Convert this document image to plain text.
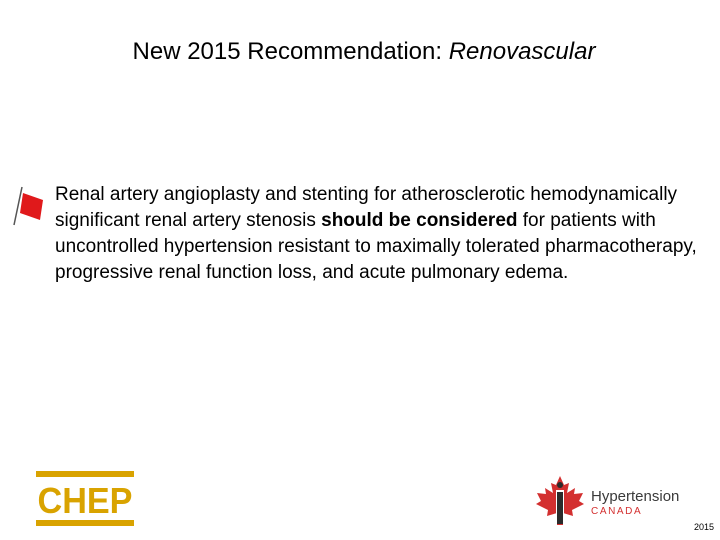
New 2015 Recommendation: Renovascular
Renal artery angioplasty and stenting for atherosclerotic hemodynamically significant renal artery stenosis should be considered for patients with uncontrolled hypertension resistant to maximally tolerated pharmacotherapy, progressive renal function loss, and acute pulmonary edema.
CHEP	Hypertension
CANADA
2015
